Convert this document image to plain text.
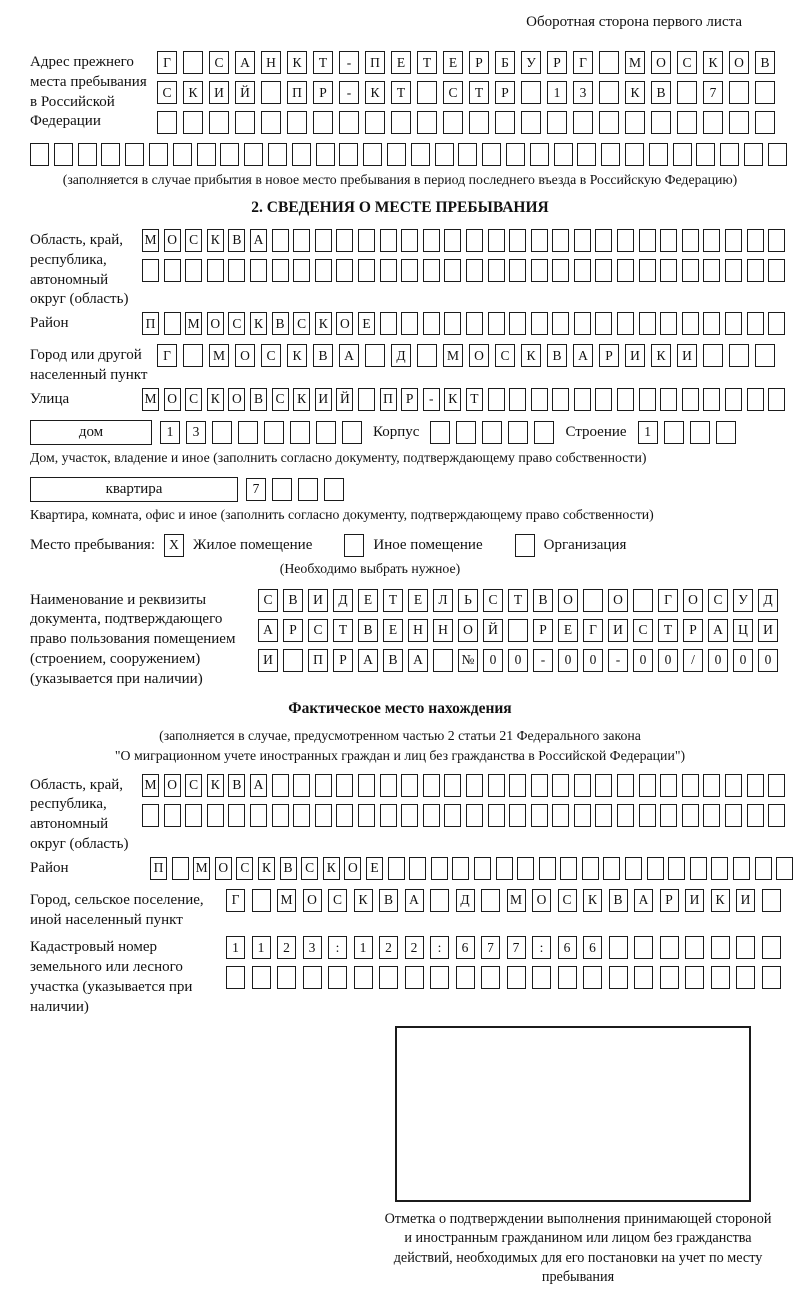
Оборотная сторона первого листа
Адрес прежнего места пребывания в Российской Федерации
Г	С	А	Н	К	Т	-	П	Е	Т	Е	Р	Б	У	Р	Г	М	О	С	К	О	В
С	К	И	Й	П	Р	-	К	Т	С	Т	Р	1	3	К	В	7
(заполняется в случае прибытия в новое место пребывания в период последнего въезда в Российскую Федерацию)
2. СВЕДЕНИЯ О МЕСТЕ ПРЕБЫВАНИЯ
Область, край, республика, автономный округ (область)
М О С К В А
Район	П М О С К В С К О Е
Город или другой населенный пункт
Г	М	О	С	К	В	А	Д	М	О	С	К	В	А	Р	И	К	И
Улица	М О С К О В С К И Й П Р	-	К Т
дом	1	3	Корпус	Строение	1
Дом, участок, владение и иное (заполнить согласно документу, подтверждающему право собственности)
квартира	7
Квартира, комната, офис и иное (заполнить согласно документу, подтверждающему право собственности)
Место пребывания:	X Жилое помещение	Иное помещение	Организация
(Необходимо выбрать нужное)
Наименование и реквизиты документа, подтверждающего право пользования помещением (строением, сооружением) (указывается при наличии)
С	В	И	Д	Е	Т	Е	Л	Ь	С	Т	В	О	О	Г	О	С	У	Д
А	Р	С	Т	В	Е	Н	Н	О	Й	Р	Е	Г	И	С	Т	Р	А	Ц	И
И	П	Р	А	В	А	№	0	0	-	0	0	-	0	0	/	0	0	0
Фактическое место нахождения
(заполняется в случае, предусмотренном частью 2 статьи 21 Федерального закона
"О миграционном учете иностранных граждан и лиц без гражданства в Российской Федерации")
Область, край, республика, автономный округ (область)
М О С К В А
Район	П М О С К В С К О Е
Город, сельское поселение, иной населенный пункт
Г	М	О	С	К	В	А	Д	М	О	С	К	В	А	Р	И	К	И
Кадастровый номер земельного или лесного участка (указывается при наличии)
1	1	2	3	:	1	2	2	:	6	7	7	:	6	6
Отметка о подтверждении выполнения принимающей стороной и иностранным гражданином или лицом без гражданства действий, необходимых для его постановки на учет по месту пребывания
